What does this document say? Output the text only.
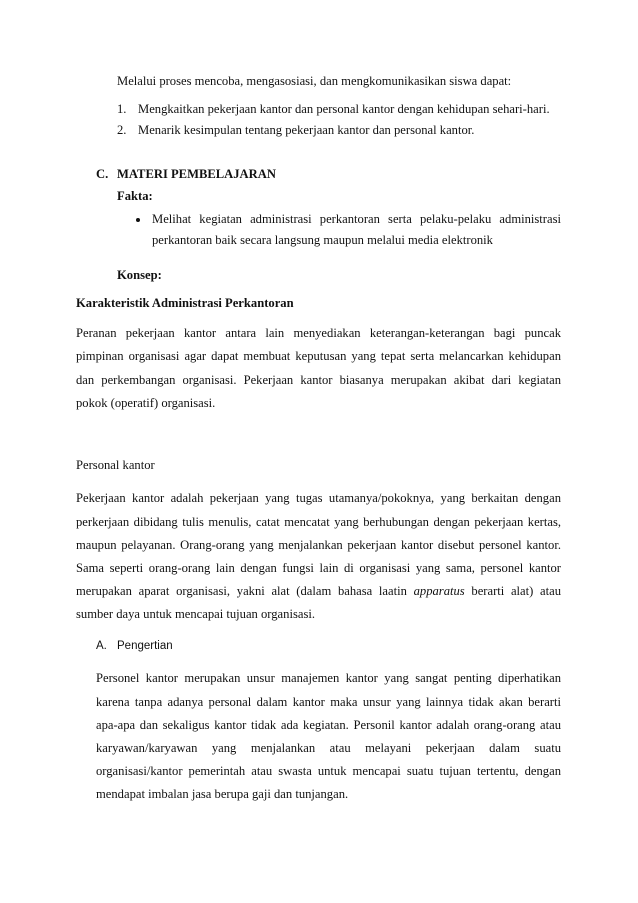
Melalui proses mencoba, mengasosiasi, dan mengkomunikasikan siswa dapat:
1. Mengkaitkan pekerjaan kantor dan personal kantor dengan kehidupan sehari-hari.
2. Menarik kesimpulan tentang pekerjaan kantor dan personal kantor.
C. MATERI PEMBELAJARAN
Fakta:
Melihat kegiatan administrasi perkantoran serta pelaku-pelaku administrasi
perkantoran baik secara langsung maupun melalui media elektronik
Konsep:
Karakteristik Administrasi Perkantoran
Peranan pekerjaan kantor antara lain menyediakan keterangan-keterangan bagi puncak
pimpinan organisasi agar dapat membuat keputusan yang tepat serta melancarkan kehidupan
dan perkembangan organisasi. Pekerjaan kantor biasanya merupakan akibat dari kegiatan
pokok (operatif) organisasi.
Personal kantor
Pekerjaan kantor adalah pekerjaan yang tugas utamanya/pokoknya, yang berkaitan dengan
perkerjaan dibidang tulis menulis, catat mencatat yang berhubungan dengan pekerjaan kertas,
maupun pelayanan. Orang-orang yang menjalankan pekerjaan kantor disebut personel kantor.
Sama seperti orang-orang lain dengan fungsi lain di organisasi yang sama, personel kantor
merupakan aparat organisasi, yakni alat (dalam bahasa laatin apparatus berarti alat) atau
sumber daya untuk mencapai tujuan organisasi.
A. Pengertian
Personel kantor merupakan unsur manajemen kantor yang sangat penting diperhatikan
karena tanpa adanya personal dalam kantor maka unsur yang lainnya tidak akan berarti
apa-apa dan sekaligus kantor tidak ada kegiatan. Personil kantor adalah orang-orang atau
karyawan/karyawan yang menjalankan atau melayani pekerjaan dalam suatu
organisasi/kantor pemerintah atau swasta untuk mencapai suatu tujuan tertentu, dengan
mendapat imbalan jasa berupa gaji dan tunjangan.
